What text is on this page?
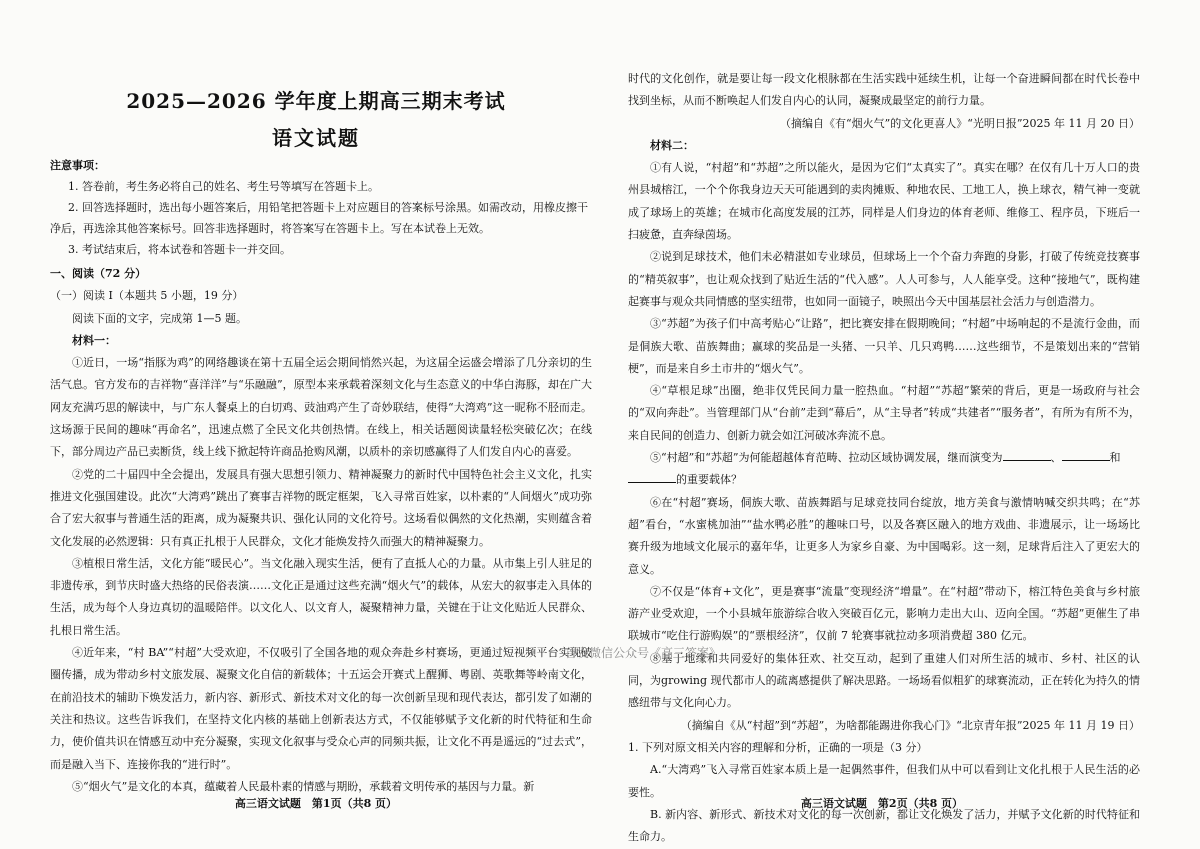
2025—2026 学年度上期高三期末考试
语文试题
注意事项：

1. 答卷前，考生务必将自己的姓名、考生号等填写在答题卡上。

2. 回答选择题时，选出每小题答案后，用铅笔把答题卡上对应题目的答案标号涂黑。如需改动，用橡皮擦干净后，再选涂其他答案标号。回答非选择题时，将答案写在答题卡上。写在本试卷上无效。

3. 考试结束后，将本试卷和答题卡一并交回。

一、阅读（72 分）

（一）阅读 I（本题共 5 小题，19 分）

阅读下面的文字，完成第 1—5 题。

材料一：

①近日，一场“指豚为鸡”的网络趣谈在第十五届全运会期间悄然兴起，为这届全运盛会增添了几分亲切的生活气息。官方发布的吉祥物“喜洋洋”与“乐融融”，原型本来承载着深刻文化与生态意义的中华白海豚，却在广大网友充满巧思的解读中，与广东人餐桌上的白切鸡、豉油鸡产生了奇妙联结，使得“大湾鸡”这一昵称不胫而走。这场源于民间的趣味“再命名”，迅速点燃了全民文化共创热情。在线上，相关话题阅读量轻松突破亿次；在线下，部分周边产品已卖断货，线上线下掀起特许商品抢购风潮，以质朴的亲切感赢得了人们发自内心的喜爱。

②党的二十届四中全会提出，发展具有强大思想引领力、精神凝聚力的新时代中国特色社会主义文化，扎实推进文化强国建设。此次“大湾鸡”跳出了赛事吉祥物的既定框架，飞入寻常百姓家，以朴素的“人间烟火”成功弥合了宏大叙事与普通生活的距离，成为凝聚共识、强化认同的文化符号。这场看似偶然的文化热潮，实则蕴含着文化发展的必然逻辑：只有真正扎根于人民群众，文化才能焕发持久而强大的精神凝聚力。

③植根日常生活，文化方能“暖民心”。当文化融入现实生活，便有了直抵人心的力量。从市集上引人驻足的非遗传承，到节庆时盛大热络的民俗表演……文化正是通过这些充满“烟火气”的载体，从宏大的叙事走入具体的生活，成为每个人身边真切的温暖陪伴。以文化人、以文育人，凝聚精神力量，关键在于让文化贴近人民群众、扎根日常生活。

④近年来，“村 BA”“村超”大受欢迎，不仅吸引了全国各地的观众奔赴乡村赛场，更通过短视频平台实现破圈传播，成为带动乡村文旅发展、凝聚文化自信的新载体；十五运会开赛式上醒狮、粤剧、英歌舞等岭南文化，在前沿技术的辅助下焕发活力，新内容、新形式、新技术对文化的每一次创新呈现和现代表达，都引发了如潮的关注和热议。这些告诉我们，在坚持文化内核的基础上创新表达方式，不仅能够赋予文化新的时代特征和生命力，使价值共识在情感互动中充分凝聚，实现文化叙事与受众心声的同频共振，让文化不再是遥远的“过去式”，而是融入当下、连接你我的“进行时”。

⑤“烟火气”是文化的本真，蕴藏着人民最朴素的情感与期盼，承载着文明传承的基因与力量。新

高三语文试题　第1页（共8 页）

时代的文化创作，就是要让每一段文化根脉都在生活实践中延续生机，让每一个奋进瞬间都在时代长卷中找到坐标，从而不断唤起人们发自内心的认同，凝聚成最坚定的前行力量。

（摘编自《有“烟火气”的文化更喜人》“光明日报”2025 年 11 月 20 日）

材料二：

①有人说，“村超”和“苏超”之所以能火，是因为它们“太真实了”。真实在哪？在仅有几十万人口的贵州县城榕江，一个个你我身边天天可能遇到的卖肉摊贩、种地农民、工地工人，换上球衣，精气神一变就成了球场上的英雄；在城市化高度发展的江苏，同样是人们身边的体育老师、维修工、程序员，下班后一扫疲惫，直奔绿茵场。

②说到足球技术，他们未必精湛如专业球员，但球场上一个个奋力奔跑的身影，打破了传统竞技赛事的“精英叙事”，也让观众找到了贴近生活的“代入感”。人人可参与，人人能享受。这种“接地气”，既构建起赛事与观众共同情感的坚实纽带，也如同一面镜子，映照出今天中国基层社会活力与创造潜力。

③“苏超”为孩子们中高考贴心“让路”，把比赛安排在假期晚间；“村超”中场响起的不是流行金曲，而是侗族大歌、苗族舞曲；赢球的奖品是一头猪、一只羊、几只鸡鸭……这些细节，不是策划出来的“营销梗”，而是来自乡土市井的“烟火气”。

④“草根足球”出圈，绝非仅凭民间力量一腔热血。“村超”“苏超”繁荣的背后，更是一场政府与社会的“双向奔赴”。当管理部门从“台前”走到“幕后”，从“主导者”转成“共建者”“服务者”，有所为有所不为，来自民间的创造力、创新力就会如江河破冰奔流不息。

⑤“村超”和“苏超”为何能超越体育范畴、拉动区域协调发展，继而演变为	、	和
的重要载体？

⑥在“村超”赛场，侗族大歌、苗族舞蹈与足球竞技同台绽放，地方美食与激情呐喊交织共鸣；在“苏超”看台，“水蜜桃加油”“盐水鸭必胜”的趣味口号，以及各赛区融入的地方戏曲、非遗展示，让一场场比赛升级为地域文化展示的嘉年华，让更多人为家乡自豪、为中国喝彩。这一刻，足球背后注入了更宏大的意义。

⑦不仅是“体育+文化”，更是赛事“流量”变现经济“增量”。在“村超”带动下，榕江特色美食与乡村旅游产业受欢迎，一个小县城年旅游综合收入突破百亿元，影响力走出大山、迈向全国。“苏超”更催生了串联城市“吃住行游购娱”的“票根经济”，仅前 7 轮赛事就拉动多项消费超 380 亿元。

⑧基于地缘和共同爱好的集体狂欢、社交互动，起到了重建人们对所生活的城市、乡村、社区的认同，为growing 现代都市人的疏离感提供了解决思路。一场场看似粗犷的球赛流动，正在转化为持久的情感纽带与文化向心力。

（摘编自《从“村超”到“苏超”，为啥都能踢进你我心门》“北京青年报”2025 年 11 月 19 日）

1. 下列对原文相关内容的理解和分析，正确的一项是（3 分）

A.“大湾鸡”飞入寻常百姓家本质上是一起偶然事件，但我们从中可以看到让文化扎根于人民生活的必要性。

B. 新内容、新形式、新技术对文化的每一次创新，都让文化焕发了活力，并赋予文化新的时代特征和生命力。

高三语文试题　第2页（共8 页）
首发微信公众号《高三答案》
